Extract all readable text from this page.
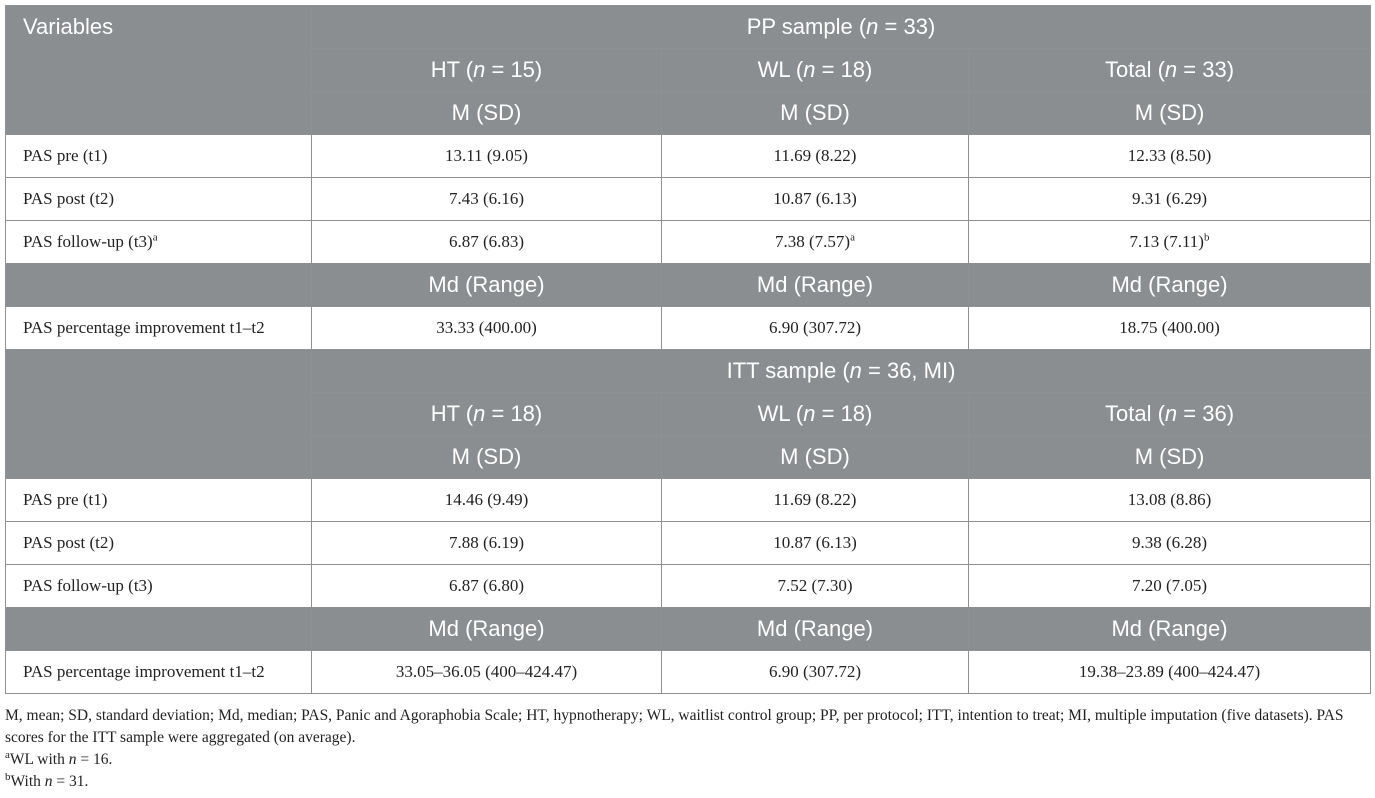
Variables	PP sample (n = 33)		
	HT (n = 15)	WL (n = 18)	Total (n = 33)
	M (SD)	M (SD)	M (SD)
PAS pre (t1)	13.11 (9.05)	11.69 (8.22)	12.33 (8.50)
PAS post (t2)	7.43 (6.16)	10.87 (6.13)	9.31 (6.29)
PAS follow-up $(t3)^a$	6.87 (6.83)	7.38 $(7.57)^a$	7.13 $(7.11)^b$
	Md (Range)	Md (Range)	Md (Range)
PAS percentage improvement t1–t2	33.33 (400.00)	6.90 (307.72)	18.75 (400.00)
	ITT sample (n = 36, MI)		
	HT (n = 18)	WL (n = 18)	Total (n = 36)
	M (SD)	M (SD)	M (SD)
PAS pre (t1)	14.46 (9.49)	11.69 (8.22)	13.08 (8.86)
PAS post (t2)	7.88 (6.19)	10.87 (6.13)	9.38 (6.28)
PAS follow-up (t3)	6.87 (6.80)	7.52 (7.30)	7.20 (7.05)
	Md (Range)	Md (Range)	Md (Range)
PAS percentage improvement t1–t2	33.05–36.05 (400–424.47)	6.90 (307.72)	19.38–23.89 (400–424.47)

M, mean; SD, standard deviation; Md, median; PAS, Panic and Agoraphobia Scale; HT, hypnotherapy; WL, waitlist control group; PP, per protocol; ITT, intention to treat; MI, multiple imputation (five datasets). PAS scores for the ITT sample were aggregated (on average).

$^a$WL with n = 16.

$^b$With n = 31.
